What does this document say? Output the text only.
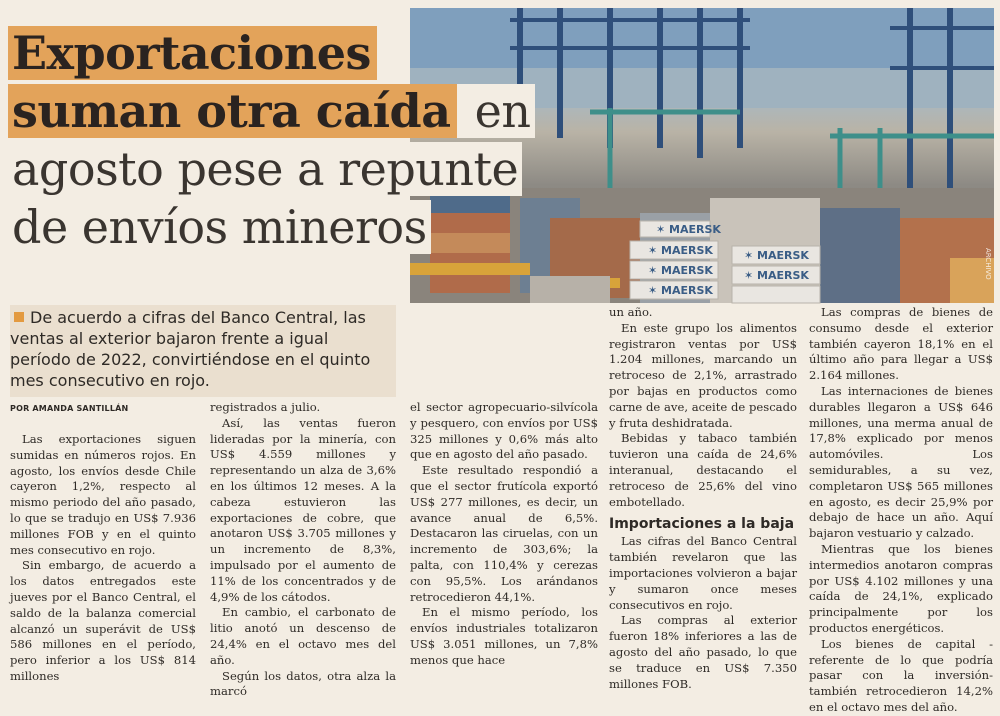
✶ MAERSK
✶ MAERSK
✶ MAERSK
✶ MAERSK
✶ MAERSK
✶ MAERSK
ARCHIVO
Exportaciones
suman otra caída en
agosto pese a repunte
de envíos mineros
De acuerdo a cifras del Banco Central, las ventas al exterior bajaron frente a igual período de 2022, convirtiéndose en el quinto mes consecutivo en rojo.
POR AMANDA SANTILLÁN

Las exportaciones siguen sumidas en números rojos. En agosto, los envíos desde Chile cayeron 1,2%, respecto al mismo periodo del año pasado, lo que se tradujo en US$ 7.936 millones FOB y en el quinto mes consecutivo en rojo.

Sin embargo, de acuerdo a los datos entregados este jueves por el Banco Central, el saldo de la balanza comercial alcanzó un superávit de US$ 586 millones en el período, pero inferior a los US$ 814 millones

registrados a julio.

Así, las ventas fueron lideradas por la minería, con US$ 4.559 millones y representando un alza de 3,6% en los últimos 12 meses. A la cabeza estuvieron las exportaciones de cobre, que anotaron US$ 3.705 millones y un incremento de 8,3%, impulsado por el aumento de 11% de los concentrados y de 4,9% de los cátodos.

En cambio, el carbonato de litio anotó un descenso de 24,4% en el octavo mes del año.

Según los datos, otra alza la marcó

el sector agropecuario-silvícola y pesquero, con envíos por US$ 325 millones y 0,6% más alto que en agosto del año pasado.

Este resultado respondió a que el sector frutícola exportó US$ 277 millones, es decir, un avance anual de 6,5%. Destacaron las ciruelas, con un incremento de 303,6%; la palta, con 110,4% y cerezas con 95,5%. Los arándanos retrocedieron 44,1%.

En el mismo período, los envíos industriales totalizaron US$ 3.051 millones, un 7,8% menos que hace

un año.

En este grupo los alimentos registraron ventas por US$ 1.204 millones, marcando un retroceso de 2,1%, arrastrado por bajas en productos como carne de ave, aceite de pescado y fruta deshidratada.

Bebidas y tabaco también tuvieron una caída de 24,6% interanual, destacando el retroceso de 25,6% del vino embotellado.

Importaciones a la baja

Las cifras del Banco Central también revelaron que las importaciones volvieron a bajar y sumaron once meses consecutivos en rojo.

Las compras al exterior fueron 18% inferiores a las de agosto del año pasado, lo que se traduce en US$ 7.350 millones FOB.

Las compras de bienes de consumo desde el exterior también cayeron 18,1% en el último año para llegar a US$ 2.164 millones.

Las internaciones de bienes durables llegaron a US$ 646 millones, una merma anual de 17,8% explicado por menos automóviles. Los semidurables, a su vez, completaron US$ 565 millones en agosto, es decir 25,9% por debajo de hace un año. Aquí bajaron vestuario y calzado.

Mientras que los bienes intermedios anotaron compras por US$ 4.102 millones y una caída de 24,1%, explicado principalmente por los productos energéticos.

Los bienes de capital -referente de lo que podría pasar con la inversión- también retrocedieron 14,2% en el octavo mes del año.
